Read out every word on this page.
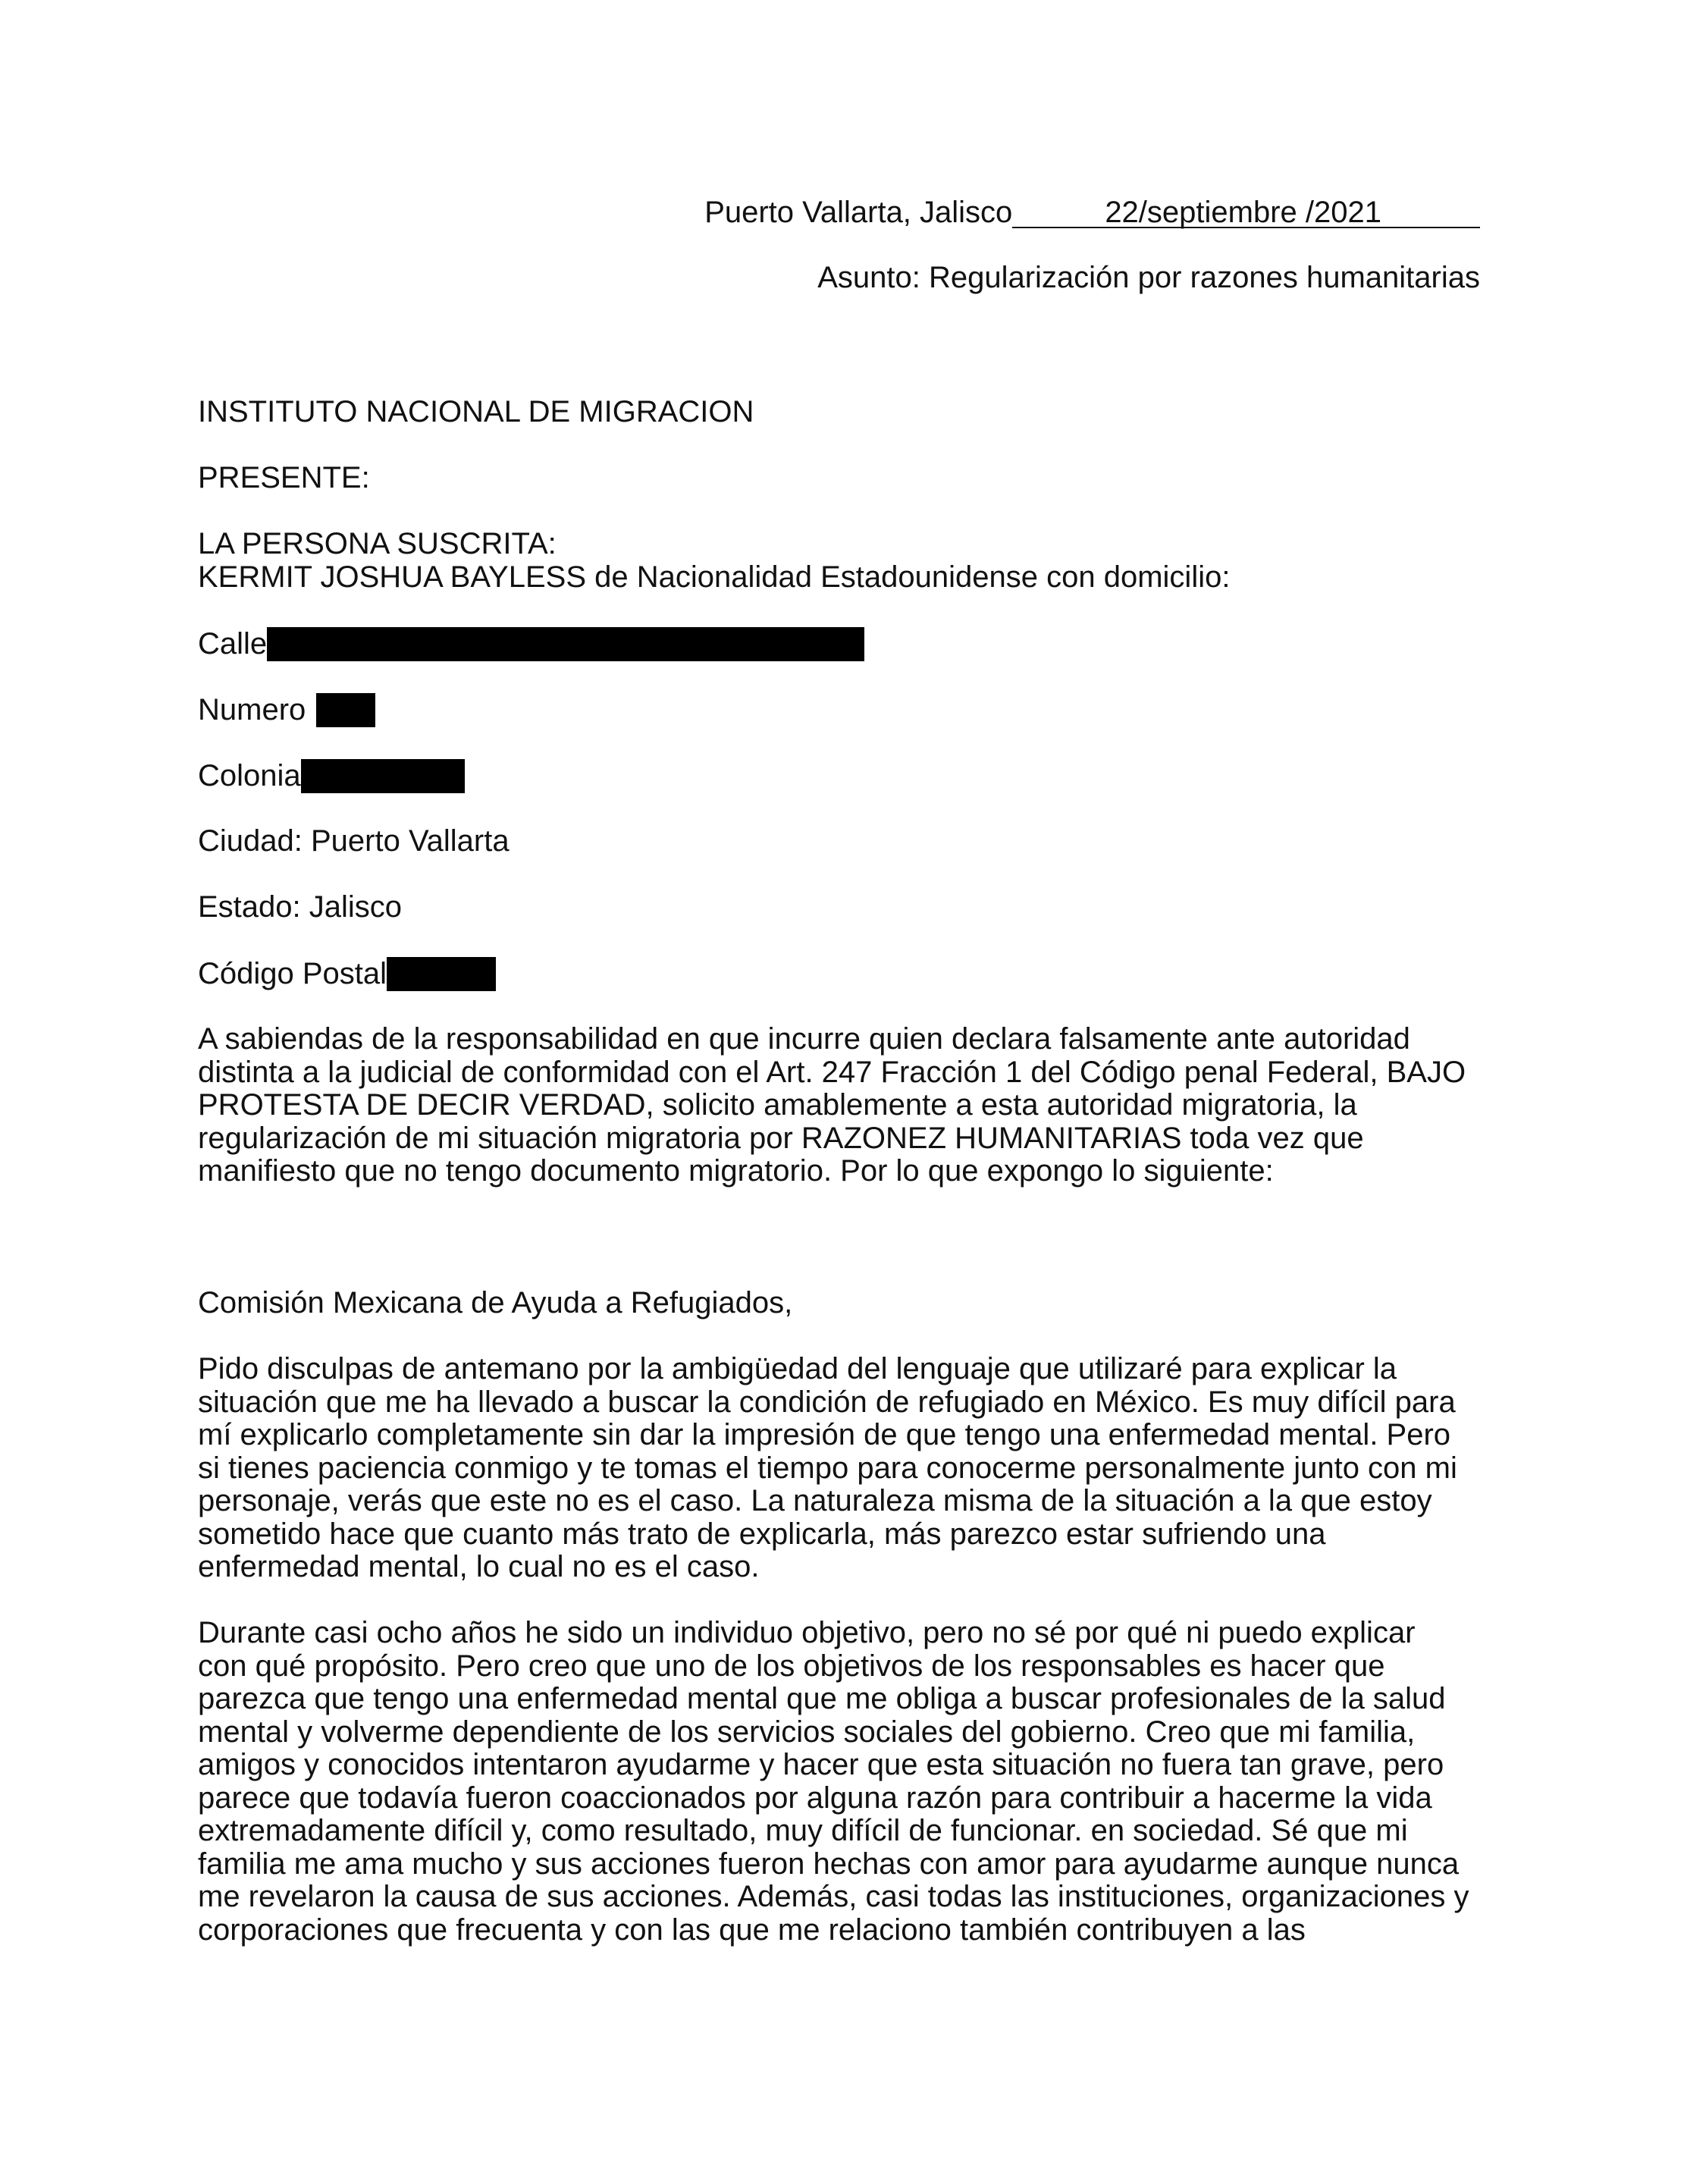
Puerto Vallarta, Jalisco	22/septiembre /2021
Asunto: Regularización por razones humanitarias
INSTITUTO NACIONAL DE MIGRACION
PRESENTE:
LA PERSONA SUSCRITA:
KERMIT JOSHUA BAYLESS de Nacionalidad Estadounidense con domicilio:
Calle
Numero
Colonia
Ciudad: Puerto Vallarta
Estado: Jalisco
Código Postal
A sabiendas de la responsabilidad en que incurre quien declara falsamente ante autoridad
distinta a la judicial de conformidad con el Art. 247 Fracción 1 del Código penal Federal, BAJO
PROTESTA DE DECIR VERDAD, solicito amablemente a esta autoridad migratoria, la
regularización de mi situación migratoria por RAZONEZ HUMANITARIAS toda vez que
manifiesto que no tengo documento migratorio. Por lo que expongo lo siguiente:
Comisión Mexicana de Ayuda a Refugiados,
Pido disculpas de antemano por la ambigüedad del lenguaje que utilizaré para explicar la
situación que me ha llevado a buscar la condición de refugiado en México. Es muy difícil para
mí explicarlo completamente sin dar la impresión de que tengo una enfermedad mental. Pero
si tienes paciencia conmigo y te tomas el tiempo para conocerme personalmente junto con mi
personaje, verás que este no es el caso. La naturaleza misma de la situación a la que estoy
sometido hace que cuanto más trato de explicarla, más parezco estar sufriendo una
enfermedad mental, lo cual no es el caso.
Durante casi ocho años he sido un individuo objetivo, pero no sé por qué ni puedo explicar
con qué propósito. Pero creo que uno de los objetivos de los responsables es hacer que
parezca que tengo una enfermedad mental que me obliga a buscar profesionales de la salud
mental y volverme dependiente de los servicios sociales del gobierno. Creo que mi familia,
amigos y conocidos intentaron ayudarme y hacer que esta situación no fuera tan grave, pero
parece que todavía fueron coaccionados por alguna razón para contribuir a hacerme la vida
extremadamente difícil y, como resultado, muy difícil de funcionar. en sociedad. Sé que mi
familia me ama mucho y sus acciones fueron hechas con amor para ayudarme aunque nunca
me revelaron la causa de sus acciones. Además, casi todas las instituciones, organizaciones y
corporaciones que frecuenta y con las que me relaciono también contribuyen a las
